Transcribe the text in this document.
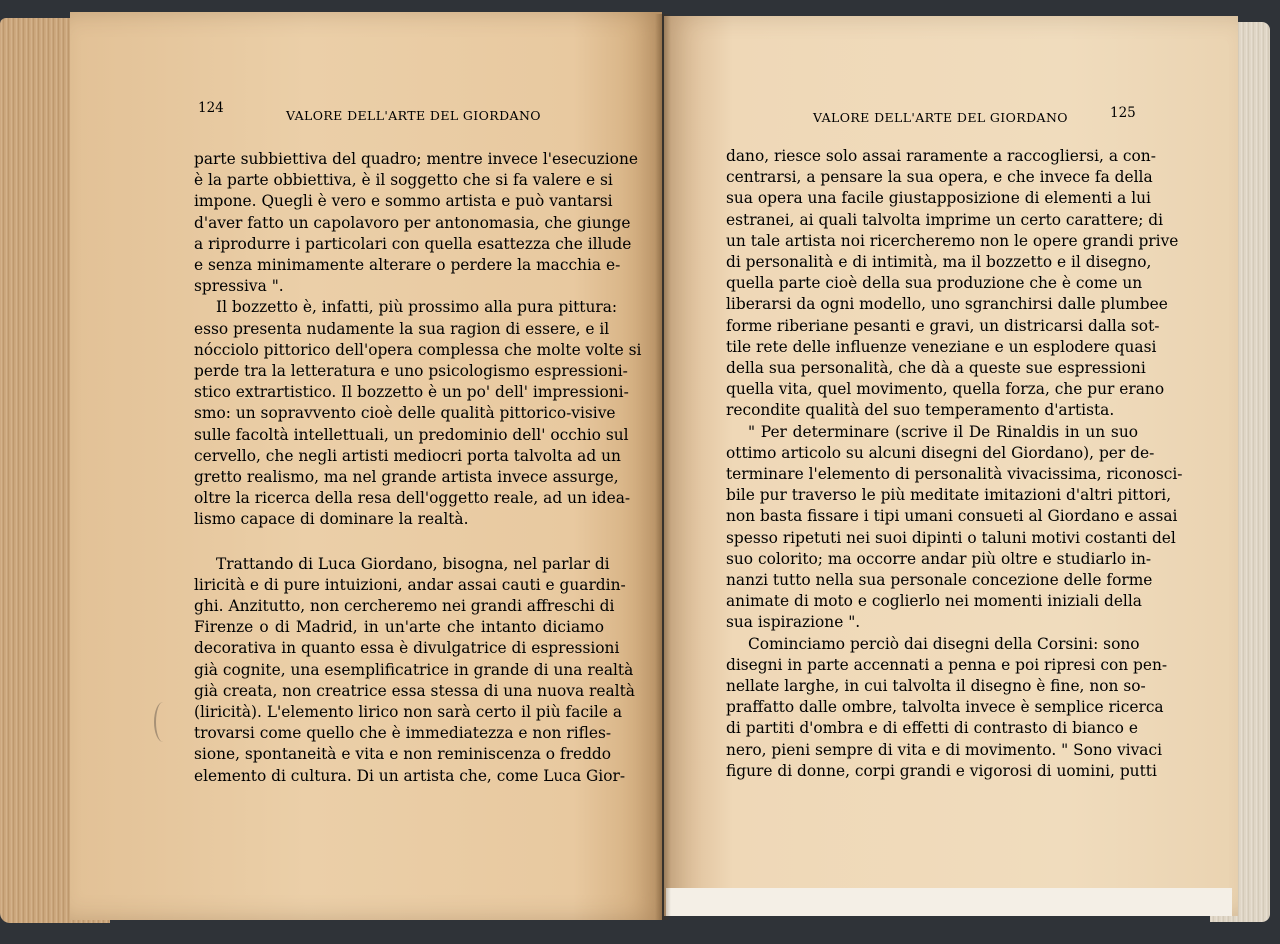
124	VALORE DELL'ARTE DEL GIORDANO	VALORE DELL'ARTE DEL GIORDANO	125
parte subbiettiva del quadro; mentre invece l'esecuzione
è la parte obbiettiva, è il soggetto che si fa valere e si
impone. Quegli è vero e sommo artista e può vantarsi
d'aver fatto un capolavoro per antonomasia, che giunge
a riprodurre i particolari con quella esattezza che illude
e senza minimamente alterare o perdere la macchia e-
spressiva ".
Il bozzetto è, infatti, più prossimo alla pura pittura:
esso presenta nudamente la sua ragion di essere, e il
nócciolo pittorico dell'opera complessa che molte volte si
perde tra la letteratura e uno psicologismo espressioni-
stico extrartistico. Il bozzetto è un po' dell' impressioni-
smo: un sopravvento cioè delle qualità pittorico-visive
sulle facoltà intellettuali, un predominio dell' occhio sul
cervello, che negli artisti mediocri porta talvolta ad un
gretto realismo, ma nel grande artista invece assurge,
oltre la ricerca della resa dell'oggetto reale, ad un idea-
lismo capace di dominare la realtà.
Trattando di Luca Giordano, bisogna, nel parlar di
liricità e di pure intuizioni, andar assai cauti e guardin-
ghi. Anzitutto, non cercheremo nei grandi affreschi di
Firenze o di Madrid, in un'arte che intanto diciamo
decorativa in quanto essa è divulgatrice di espressioni
già cognite, una esemplificatrice in grande di una realtà
già creata, non creatrice essa stessa di una nuova realtà
(liricità). L'elemento lirico non sarà certo il più facile a
trovarsi come quello che è immediatezza e non rifles-
sione, spontaneità e vita e non reminiscenza o freddo
elemento di cultura. Di un artista che, come Luca Gior-
dano, riesce solo assai raramente a raccogliersi, a con-
centrarsi, a pensare la sua opera, e che invece fa della
sua opera una facile giustapposizione di elementi a lui
estranei, ai quali talvolta imprime un certo carattere; di
un tale artista noi ricercheremo non le opere grandi prive
di personalità e di intimità, ma il bozzetto e il disegno,
quella parte cioè della sua produzione che è come un
liberarsi da ogni modello, uno sgranchirsi dalle plumbee
forme riberiane pesanti e gravi, un districarsi dalla sot-
tile rete delle influenze veneziane e un esplodere quasi
della sua personalità, che dà a queste sue espressioni
quella vita, quel movimento, quella forza, che pur erano
recondite qualità del suo temperamento d'artista.
" Per determinare (scrive il De Rinaldis in un suo
ottimo articolo su alcuni disegni del Giordano), per de-
terminare l'elemento di personalità vivacissima, riconosci-
bile pur traverso le più meditate imitazioni d'altri pittori,
non basta fissare i tipi umani consueti al Giordano e assai
spesso ripetuti nei suoi dipinti o taluni motivi costanti del
suo colorito; ma occorre andar più oltre e studiarlo in-
nanzi tutto nella sua personale concezione delle forme
animate di moto e coglierlo nei momenti iniziali della
sua ispirazione ".
Cominciamo perciò dai disegni della Corsini: sono
disegni in parte accennati a penna e poi ripresi con pen-
nellate larghe, in cui talvolta il disegno è fine, non so-
praffatto dalle ombre, talvolta invece è semplice ricerca
di partiti d'ombra e di effetti di contrasto di bianco e
nero, pieni sempre di vita e di movimento. " Sono vivaci
figure di donne, corpi grandi e vigorosi di uomini, putti
